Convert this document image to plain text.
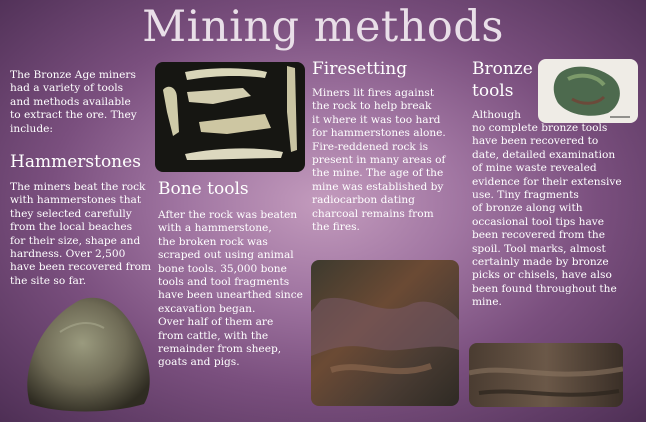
Mining methods
The Bronze Age miners
had a variety of tools
and methods available
to extract the ore. They
include:
Hammerstones
The miners beat the rock
with hammerstones that
they selected carefully
from the local beaches
for their size, shape and
hardness. Over 2,500
have been recovered from
the site so far.
Bone tools
After the rock was beaten
with a hammerstone,
the broken rock was
scraped out using animal
bone tools. 35,000 bone
tools and tool fragments
have been unearthed since
excavation began.
Over half of them are
from cattle, with the
remainder from sheep,
goats and pigs.
Firesetting
Miners lit fires against
the rock to help break
it where it was too hard
for hammerstones alone.
Fire-reddened rock is
present in many areas of
the mine. The age of the
mine was established by
radiocarbon dating
charcoal remains from
the fires.
Bronze
tools
Although
no complete bronze tools
have been recovered to
date, detailed examination
of mine waste revealed
evidence for their extensive
use. Tiny fragments
of bronze along with
occasional tool tips have
been recovered from the
spoil. Tool marks, almost
certainly made by bronze
picks or chisels, have also
been found throughout the
mine.
